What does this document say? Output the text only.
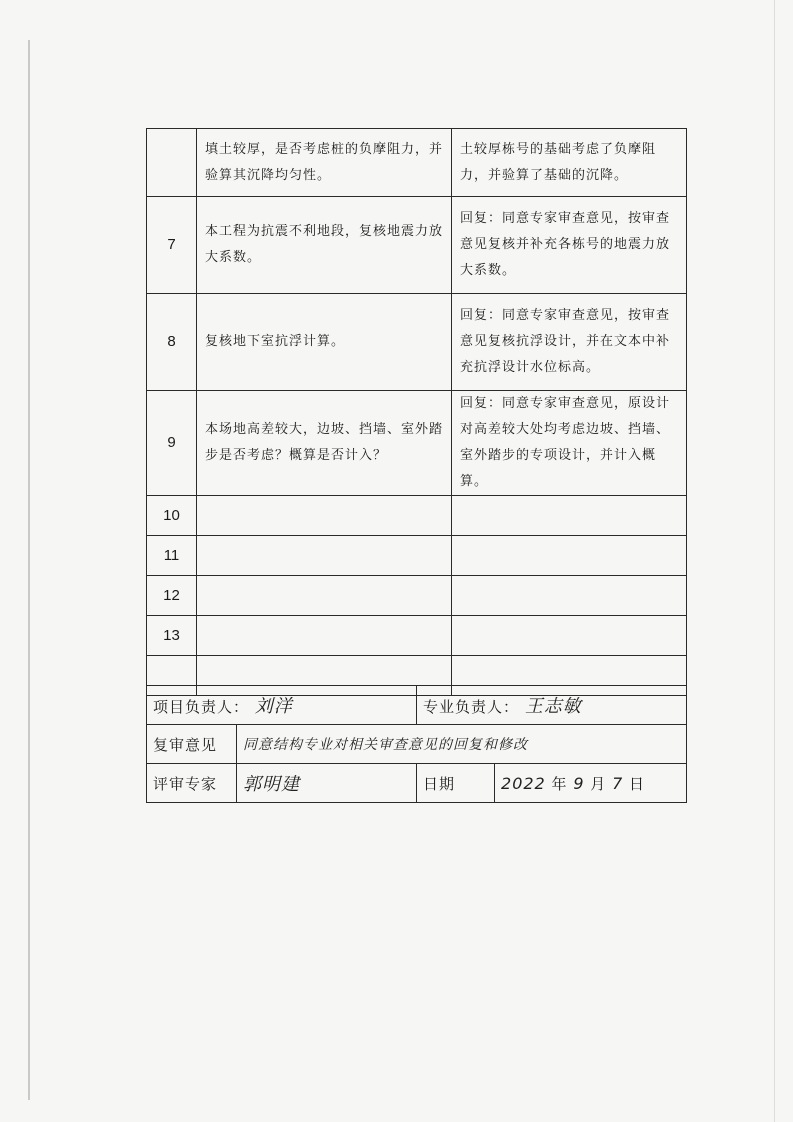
	填土较厚，是否考虑桩的负摩阻力，并验算其沉降均匀性。	土较厚栋号的基础考虑了负摩阻力，并验算了基础的沉降。
7	本工程为抗震不利地段，复核地震力放大系数。	回复：同意专家审查意见，按审查意见复核并补充各栋号的地震力放大系数。
8	复核地下室抗浮计算。	回复：同意专家审查意见，按审查意见复核抗浮设计，并在文本中补充抗浮设计水位标高。
9	本场地高差较大，边坡、挡墙、室外踏步是否考虑？概算是否计入？	回复：同意专家审查意见，原设计对高差较大处均考虑边坡、挡墙、室外踏步的专项设计，并计入概算。
10		
11		
12		
13		

项目负责人： 刘洋		专业负责人： 王志敏	
复审意见	同意结构专业对相关审查意见的回复和修改		
评审专家	郭明建	日期	2022 年 9 月 7 日
